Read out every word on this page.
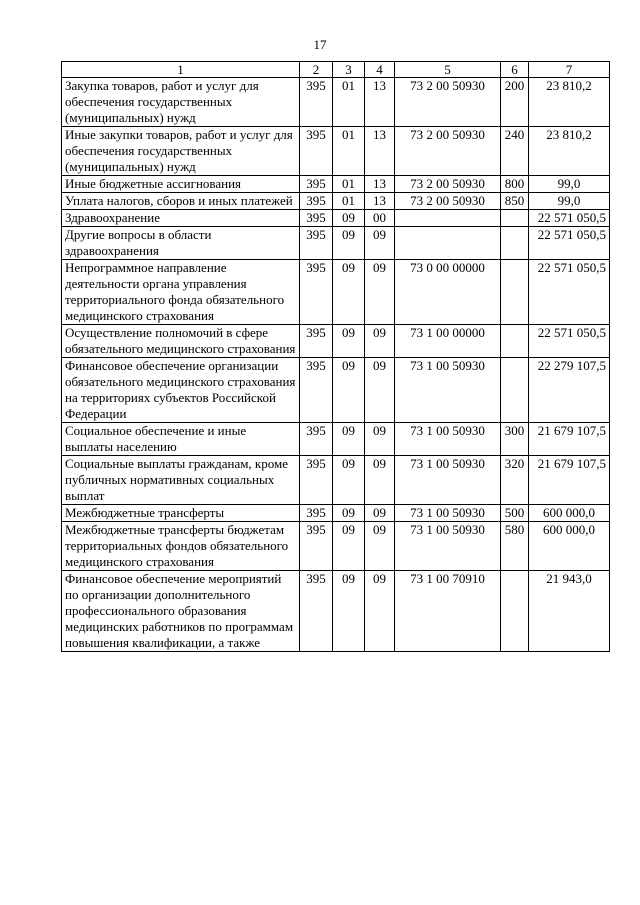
17
1	2	3	4	5	6	7
Закупка товаров, работ и услуг для обеспечения государственных (муниципальных) нужд	395	01	13	73 2 00 50930	200	23 810,2
Иные закупки товаров, работ и услуг для обеспечения государственных (муниципальных) нужд	395	01	13	73 2 00 50930	240	23 810,2
Иные бюджетные ассигнования	395	01	13	73 2 00 50930	800	99,0
Уплата налогов, сборов и иных платежей	395	01	13	73 2 00 50930	850	99,0
Здравоохранение	395	09	00			22 571 050,5
Другие вопросы в области здравоохранения	395	09	09			22 571 050,5
Непрограммное направление деятельности органа управления территориального фонда обязательного медицинского страхования	395	09	09	73 0 00 00000		22 571 050,5
Осуществление полномочий в сфере обязательного медицинского страхования	395	09	09	73 1 00 00000		22 571 050,5
Финансовое обеспечение организации обязательного медицинского страхования на территориях субъектов Российской Федерации	395	09	09	73 1 00 50930		22 279 107,5
Социальное обеспечение и иные выплаты населению	395	09	09	73 1 00 50930	300	21 679 107,5
Социальные выплаты гражданам, кроме публичных нормативных социальных выплат	395	09	09	73 1 00 50930	320	21 679 107,5
Межбюджетные трансферты	395	09	09	73 1 00 50930	500	600 000,0
Межбюджетные трансферты бюджетам территориальных фондов обязательного медицинского страхования	395	09	09	73 1 00 50930	580	600 000,0
Финансовое обеспечение мероприятий по организации дополнительного профессионального образования медицинских работников по программам повышения квалификации, а также	395	09	09	73 1 00 70910		21 943,0
